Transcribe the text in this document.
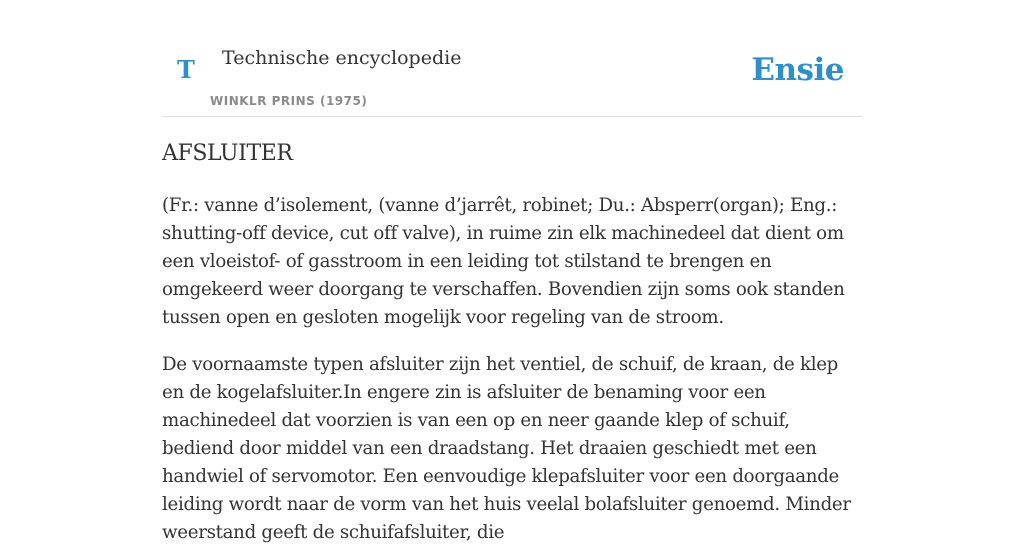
T Technische encyclopedie
WINKLR PRINS (1975)
Ensie
AFSLUITER

(Fr.: vanne d’isolement, (vanne d’jarrêt, robinet; Du.: Absperr(organ); Eng.: shutting-off device, cut off valve), in ruime zin elk machinedeel dat dient om een vloeistof- of gasstroom in een leiding tot stilstand te brengen en omgekeerd weer doorgang te verschaffen. Bovendien zijn soms ook standen tussen open en gesloten mogelijk voor regeling van de stroom.

De voornaamste typen afsluiter zijn het ventiel, de schuif, de kraan, de klep en de kogelafsluiter.In engere zin is afsluiter de benaming voor een machinedeel dat voorzien is van een op en neer gaande klep of schuif, bediend door middel van een draadstang. Het draaien geschiedt met een handwiel of servomotor. Een eenvoudige klepafsluiter voor een doorgaande leiding wordt naar de vorm van het huis veelal bolafsluiter genoemd. Minder weerstand geeft de schuifafsluiter, die
